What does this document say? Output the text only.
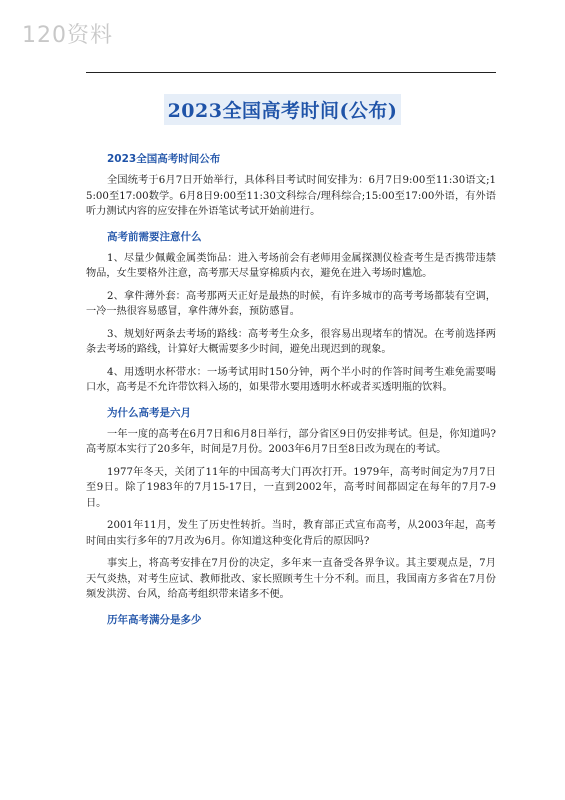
120资料
2023全国高考时间(公布)
2023全国高考时间公布

全国统考于6月7日开始举行，具体科目考试时间安排为：6月7日9:00至11:30语文;15:00至17:00数学。6月8日9:00至11:30文科综合/理科综合;15:00至17:00外语，有外语听力测试内容的应安排在外语笔试考试开始前进行。

高考前需要注意什么

1、尽量少佩戴金属类饰品：进入考场前会有老师用金属探测仪检查考生是否携带违禁物品，女生要格外注意，高考那天尽量穿棉质内衣，避免在进入考场时尴尬。

2、拿件薄外套：高考那两天正好是最热的时候，有许多城市的高考考场都装有空调，一冷一热很容易感冒，拿件薄外套，预防感冒。

3、规划好两条去考场的路线：高考考生众多，很容易出现堵车的情况。在考前选择两条去考场的路线，计算好大概需要多少时间，避免出现迟到的现象。

4、用透明水杯带水：一场考试用时150分钟，两个半小时的作答时间考生难免需要喝口水，高考是不允许带饮料入场的，如果带水要用透明水杯或者买透明瓶的饮料。

为什么高考是六月

一年一度的高考在6月7日和6月8日举行，部分省区9日仍安排考试。但是，你知道吗?高考原本实行了20多年，时间是7月份。2003年6月7日至8日改为现在的考试。

1977年冬天，关闭了11年的中国高考大门再次打开。1979年，高考时间定为7月7日至9日。除了1983年的7月15-17日，一直到2002年，高考时间都固定在每年的7月7-9日。

2001年11月，发生了历史性转折。当时，教育部正式宣布高考，从2003年起，高考时间由实行多年的7月改为6月。你知道这种变化背后的原因吗?

事实上，将高考安排在7月份的决定，多年来一直备受各界争议。其主要观点是，7月天气炎热，对考生应试、教师批改、家长照顾考生十分不利。而且，我国南方多省在7月份频发洪涝、台风，给高考组织带来诸多不便。

历年高考满分是多少
